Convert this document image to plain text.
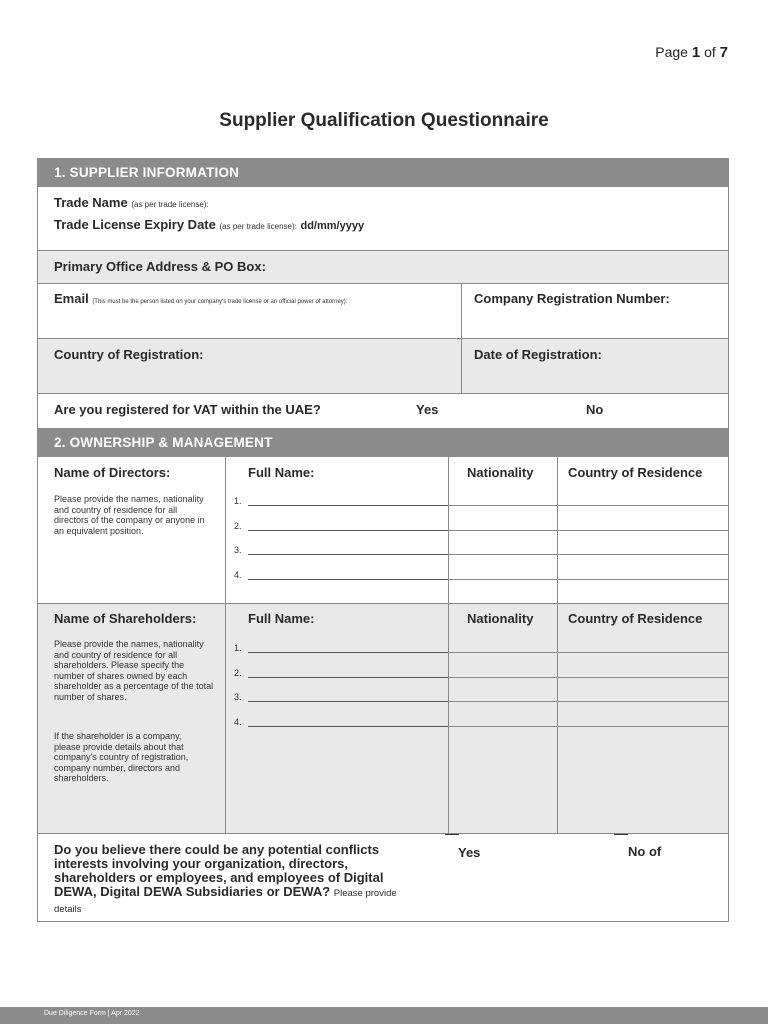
Page 1 of 7
Supplier Qualification Questionnaire
1. SUPPLIER INFORMATION
Trade Name (as per trade license):
Trade License Expiry Date (as per trade license): dd/mm/yyyy
Primary Office Address & PO Box:
Email (This must be the person listed on your company's trade license or an official power of attorney):	Company Registration Number:
Country of Registration:	Date of Registration:
Are you registered for VAT within the UAE?	Yes	No
2. OWNERSHIP & MANAGEMENT
Name of Directors:
Please provide the names, nationality and country of residence for all directors of the company or anyone in an equivalent position.
Full Name:	Nationality	Country of Residence
1.
2.
3.
4.
Name of Shareholders:
Please provide the names, nationality and country of residence for all shareholders. Please specify the number of shares owned by each shareholder as a percentage of the total number of shares.
If the shareholder is a company, please provide details about that company's country of registration, company number, directors and shareholders.
Full Name:	Nationality	Country of Residence
1.
2.
3.
4.
Do you believe there could be any potential conflicts interests involving your organization, directors, shareholders or employees, and employees of Digital DEWA, Digital DEWA Subsidiaries or DEWA? Please provide details
Yes	No of
Due Diligence Form | Apr 2022
